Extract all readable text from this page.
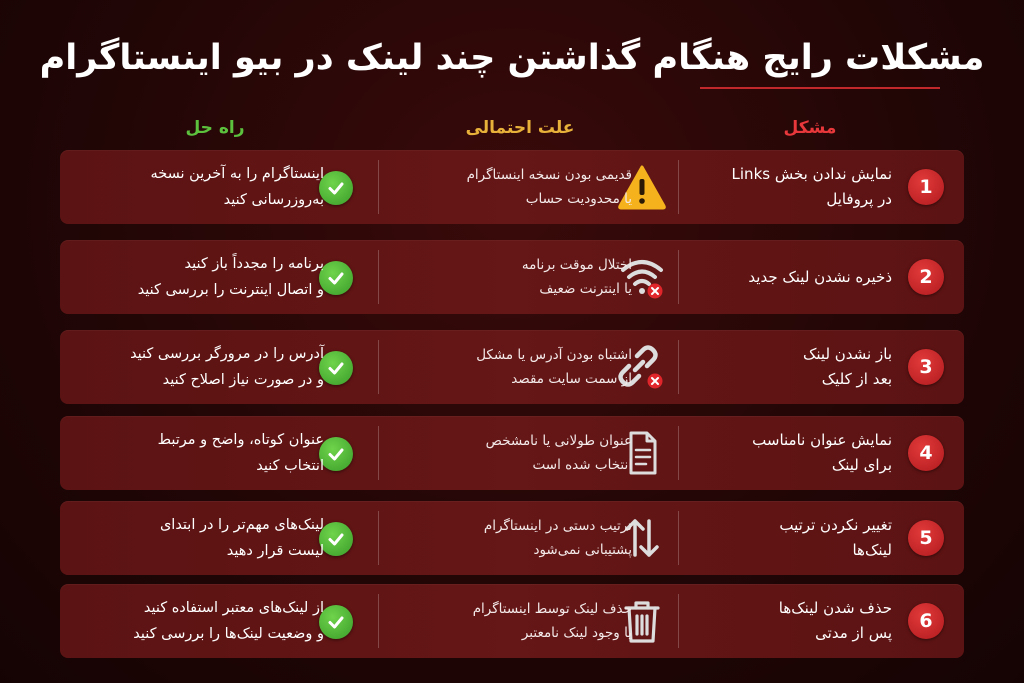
مشکلات رایج هنگام گذاشتن چند لینک در بیو اینستاگرام
مشکل
علت احتمالی
راه حل
1
نمایش ندادن بخش Links
در پروفایل
قدیمی بودن نسخه اینستاگرام
یا محدودیت حساب
اینستاگرام را به آخرین نسخه
به‌روزرسانی کنید
2
ذخیره نشدن لینک جدید
اختلال موقت برنامه
یا اینترنت ضعیف
برنامه را مجدداً باز کنید
و اتصال اینترنت را بررسی کنید
3
باز نشدن لینک
بعد از کلیک
اشتباه بودن آدرس یا مشکل
از سمت سایت مقصد
آدرس را در مرورگر بررسی کنید
و در صورت نیاز اصلاح کنید
4
نمایش عنوان نامناسب
برای لینک
عنوان طولانی یا نامشخص
انتخاب شده است
عنوان کوتاه، واضح و مرتبط
انتخاب کنید
5
تغییر نکردن ترتیب
لینک‌ها
ترتیب دستی در اینستاگرام
پشتیبانی نمی‌شود
لینک‌های مهم‌تر را در ابتدای
لیست قرار دهید
6
حذف شدن لینک‌ها
پس از مدتی
حذف لینک توسط اینستاگرام
یا وجود لینک نامعتبر
از لینک‌های معتبر استفاده کنید
و وضعیت لینک‌ها را بررسی کنید
